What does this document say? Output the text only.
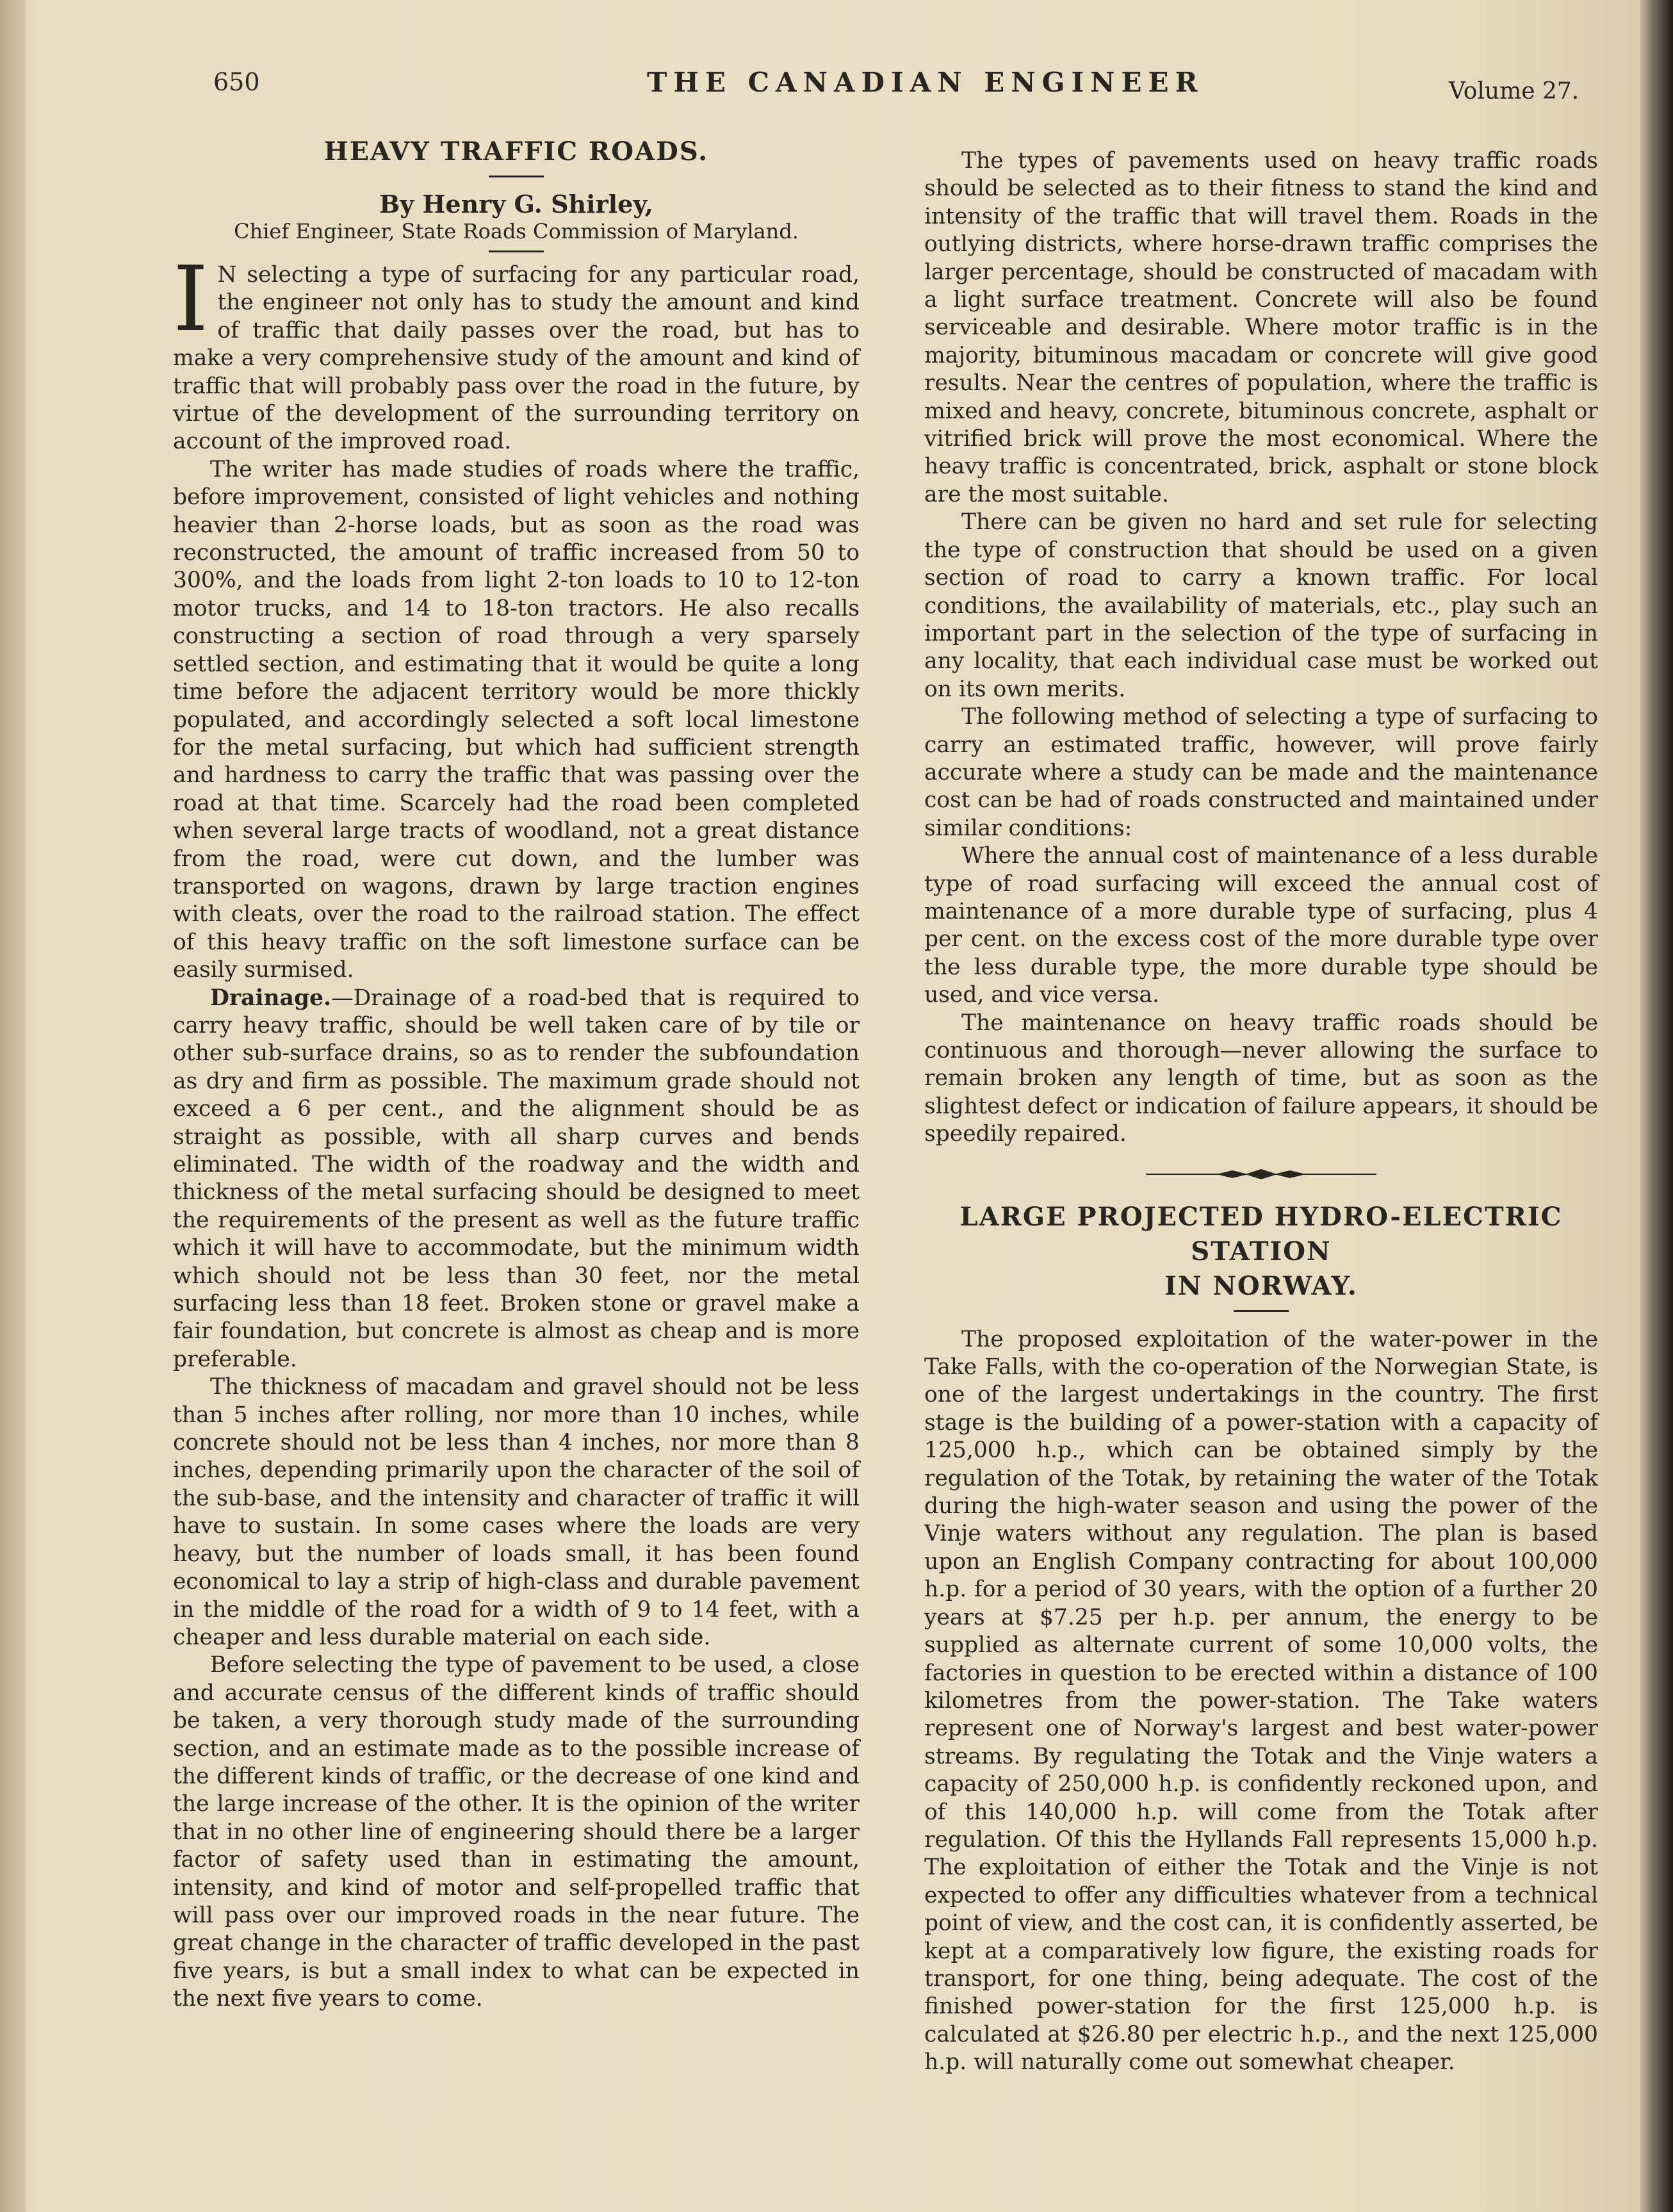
650	THE CANADIAN ENGINEER	Volume 27.
HEAVY TRAFFIC ROADS.
By Henry G. Shirley,
Chief Engineer, State Roads Commission of Maryland.

I N selecting a type of surfacing for any particular road, the engineer not only has to study the amount and kind of traffic that daily passes over the road, but has to make a very comprehensive study of the amount and kind of traffic that will probably pass over the road in the future, by virtue of the development of the surrounding territory on account of the improved road.

The writer has made studies of roads where the traffic, before improvement, consisted of light vehicles and nothing heavier than 2-horse loads, but as soon as the road was reconstructed, the amount of traffic increased from 50 to 300%, and the loads from light 2-ton loads to 10 to 12-ton motor trucks, and 14 to 18-ton tractors. He also recalls constructing a section of road through a very sparsely settled section, and estimating that it would be quite a long time before the adjacent territory would be more thickly populated, and accordingly selected a soft local limestone for the metal surfacing, but which had sufficient strength and hardness to carry the traffic that was passing over the road at that time. Scarcely had the road been completed when several large tracts of woodland, not a great distance from the road, were cut down, and the lumber was transported on wagons, drawn by large traction engines with cleats, over the road to the railroad station. The effect of this heavy traffic on the soft limestone surface can be easily surmised.

Drainage.—Drainage of a road-bed that is required to carry heavy traffic, should be well taken care of by tile or other sub-surface drains, so as to render the subfoundation as dry and firm as possible. The maximum grade should not exceed a 6 per cent., and the alignment should be as straight as possible, with all sharp curves and bends eliminated. The width of the roadway and the width and thickness of the metal surfacing should be designed to meet the requirements of the present as well as the future traffic which it will have to accommodate, but the minimum width which should not be less than 30 feet, nor the metal surfacing less than 18 feet. Broken stone or gravel make a fair foundation, but concrete is almost as cheap and is more preferable.

The thickness of macadam and gravel should not be less than 5 inches after rolling, nor more than 10 inches, while concrete should not be less than 4 inches, nor more than 8 inches, depending primarily upon the character of the soil of the sub-base, and the intensity and character of traffic it will have to sustain. In some cases where the loads are very heavy, but the number of loads small, it has been found economical to lay a strip of high-class and durable pavement in the middle of the road for a width of 9 to 14 feet, with a cheaper and less durable material on each side.

Before selecting the type of pavement to be used, a close and accurate census of the different kinds of traffic should be taken, a very thorough study made of the surrounding section, and an estimate made as to the possible increase of the different kinds of traffic, or the decrease of one kind and the large increase of the other. It is the opinion of the writer that in no other line of engineering should there be a larger factor of safety used than in estimating the amount, intensity, and kind of motor and self-propelled traffic that will pass over our improved roads in the near future. The great change in the character of traffic developed in the past five years, is but a small index to what can be expected in the next five years to come.

The types of pavements used on heavy traffic roads should be selected as to their fitness to stand the kind and intensity of the traffic that will travel them. Roads in the outlying districts, where horse-drawn traffic comprises the larger percentage, should be constructed of macadam with a light surface treatment. Concrete will also be found serviceable and desirable. Where motor traffic is in the majority, bituminous macadam or concrete will give good results. Near the centres of population, where the traffic is mixed and heavy, concrete, bituminous concrete, asphalt or vitrified brick will prove the most economical. Where the heavy traffic is concentrated, brick, asphalt or stone block are the most suitable.

There can be given no hard and set rule for selecting the type of construction that should be used on a given section of road to carry a known traffic. For local conditions, the availability of materials, etc., play such an important part in the selection of the type of surfacing in any locality, that each individual case must be worked out on its own merits.

The following method of selecting a type of surfacing to carry an estimated traffic, however, will prove fairly accurate where a study can be made and the maintenance cost can be had of roads constructed and maintained under similar conditions:

Where the annual cost of maintenance of a less durable type of road surfacing will exceed the annual cost of maintenance of a more durable type of surfacing, plus 4 per cent. on the excess cost of the more durable type over the less durable type, the more durable type should be used, and vice versa.

The maintenance on heavy traffic roads should be continuous and thorough—never allowing the surface to remain broken any length of time, but as soon as the slightest defect or indication of failure appears, it should be speedily repaired.

LARGE PROJECTED HYDRO-ELECTRIC STATION
IN NORWAY.

The proposed exploitation of the water-power in the Take Falls, with the co-operation of the Norwegian State, is one of the largest undertakings in the country. The first stage is the building of a power-station with a capacity of 125,000 h.p., which can be obtained simply by the regulation of the Totak, by retaining the water of the Totak during the high-water season and using the power of the Vinje waters without any regulation. The plan is based upon an English Company contracting for about 100,000 h.p. for a period of 30 years, with the option of a further 20 years at $7.25 per h.p. per annum, the energy to be supplied as alternate current of some 10,000 volts, the factories in question to be erected within a distance of 100 kilometres from the power-station. The Take waters represent one of Norway's largest and best water-power streams. By regulating the Totak and the Vinje waters a capacity of 250,000 h.p. is confidently reckoned upon, and of this 140,000 h.p. will come from the Totak after regulation. Of this the Hyllands Fall represents 15,000 h.p. The exploitation of either the Totak and the Vinje is not expected to offer any difficulties whatever from a technical point of view, and the cost can, it is confidently asserted, be kept at a comparatively low figure, the existing roads for transport, for one thing, being adequate. The cost of the finished power-station for the first 125,000 h.p. is calculated at $26.80 per electric h.p., and the next 125,000 h.p. will naturally come out somewhat cheaper.
